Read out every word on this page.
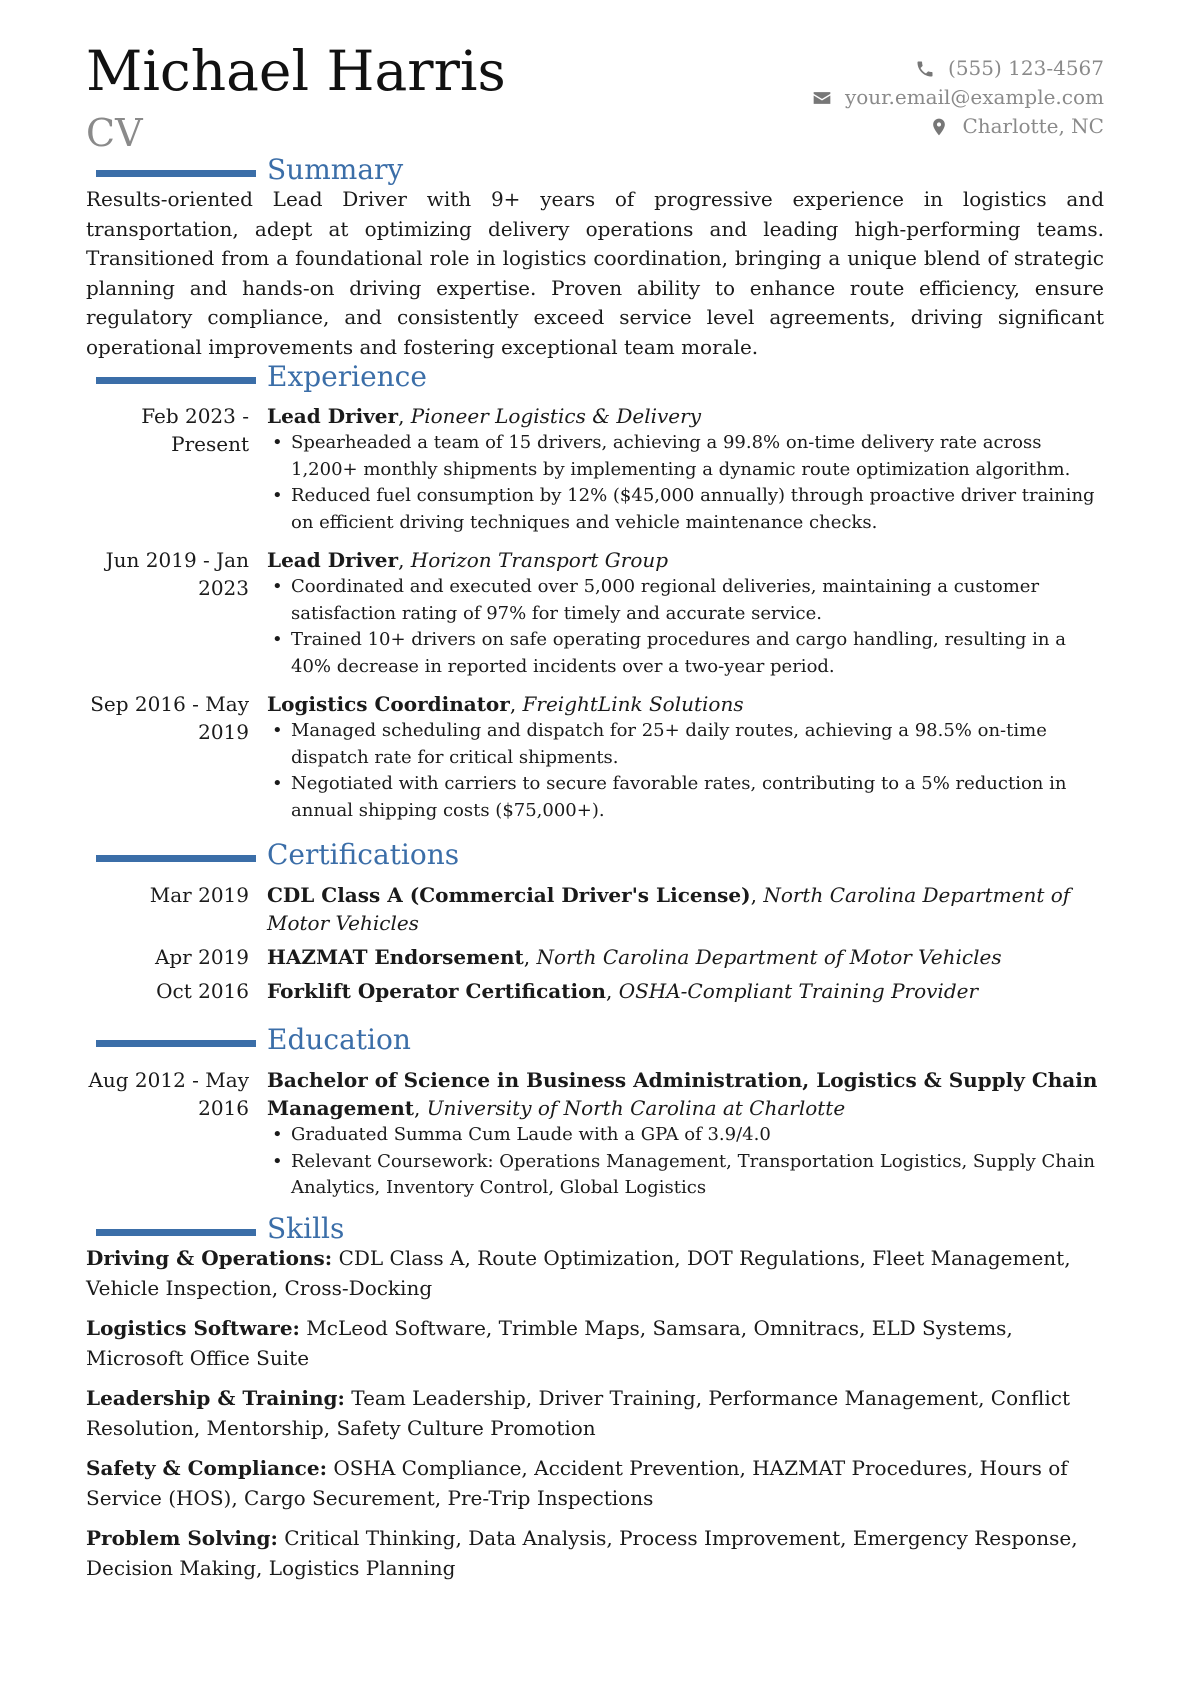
Michael Harris
CV
(555) 123-4567
your.email@example.com
Charlotte, NC
Summary
Results-oriented Lead Driver with 9+ years of progressive experience in logistics and transportation, adept at optimizing delivery operations and leading high-performing teams. Transitioned from a foundational role in logistics coordination, bringing a unique blend of strategic planning and hands-on driving expertise. Proven ability to enhance route efficiency, ensure regulatory compliance, and consistently exceed service level agreements, driving significant operational improvements and fostering exceptional team morale.
Experience
Feb 2023 - Present
Lead Driver, Pioneer Logistics & Delivery
• Spearheaded a team of 15 drivers, achieving a 99.8% on-time delivery rate across 1,200+ monthly shipments by implementing a dynamic route optimization algorithm.
• Reduced fuel consumption by 12% ($45,000 annually) through proactive driver training on efficient driving techniques and vehicle maintenance checks.
Jun 2019 - Jan 2023
Lead Driver, Horizon Transport Group
• Coordinated and executed over 5,000 regional deliveries, maintaining a customer satisfaction rating of 97% for timely and accurate service.
• Trained 10+ drivers on safe operating procedures and cargo handling, resulting in a 40% decrease in reported incidents over a two-year period.
Sep 2016 - May 2019
Logistics Coordinator, FreightLink Solutions
• Managed scheduling and dispatch for 25+ daily routes, achieving a 98.5% on-time dispatch rate for critical shipments.
• Negotiated with carriers to secure favorable rates, contributing to a 5% reduction in annual shipping costs ($75,000+).
Certifications
Mar 2019 CDL Class A (Commercial Driver's License), North Carolina Department of Motor Vehicles
Apr 2019 HAZMAT Endorsement, North Carolina Department of Motor Vehicles
Oct 2016 Forklift Operator Certification, OSHA-Compliant Training Provider
Education
Aug 2012 - May 2016
Bachelor of Science in Business Administration, Logistics & Supply Chain Management, University of North Carolina at Charlotte
• Graduated Summa Cum Laude with a GPA of 3.9/4.0
• Relevant Coursework: Operations Management, Transportation Logistics, Supply Chain Analytics, Inventory Control, Global Logistics
Skills
Driving & Operations: CDL Class A, Route Optimization, DOT Regulations, Fleet Management, Vehicle Inspection, Cross-Docking
Logistics Software: McLeod Software, Trimble Maps, Samsara, Omnitracs, ELD Systems, Microsoft Office Suite
Leadership & Training: Team Leadership, Driver Training, Performance Management, Conflict Resolution, Mentorship, Safety Culture Promotion
Safety & Compliance: OSHA Compliance, Accident Prevention, HAZMAT Procedures, Hours of Service (HOS), Cargo Securement, Pre-Trip Inspections
Problem Solving: Critical Thinking, Data Analysis, Process Improvement, Emergency Response, Decision Making, Logistics Planning
